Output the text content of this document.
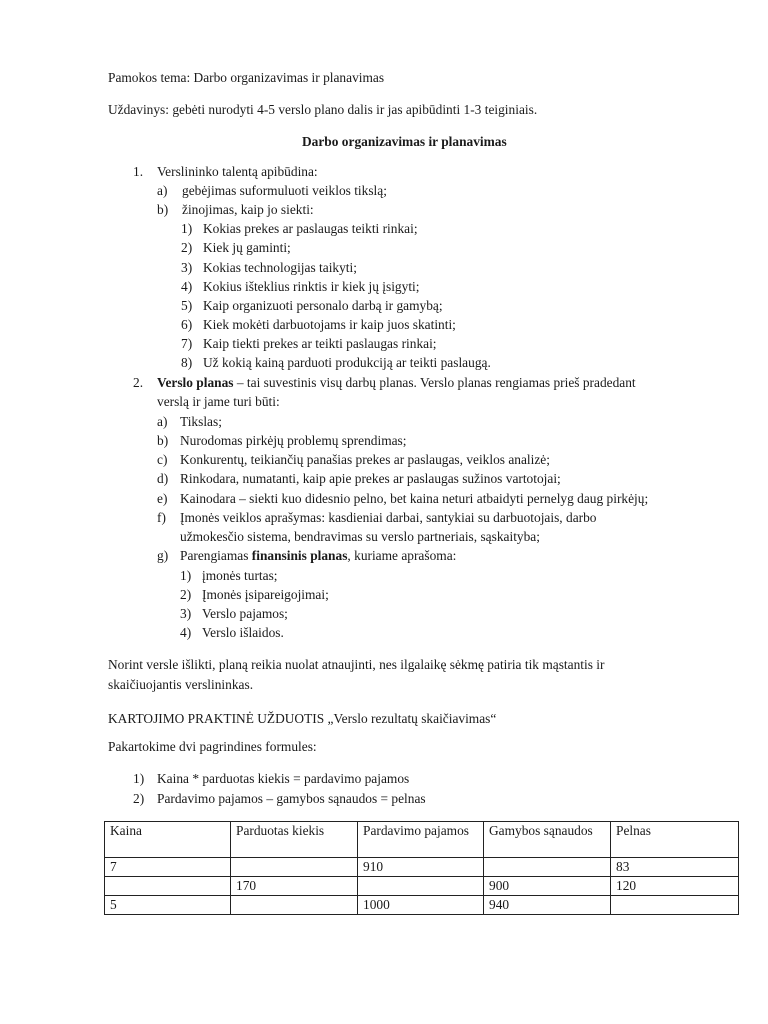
Pamokos tema: Darbo organizavimas ir planavimas
Uždavinys: gebėti nurodyti 4-5 verslo plano dalis ir jas apibūdinti 1-3 teiginiais.
Darbo organizavimas ir planavimas
1. Verslininko talentą apibūdina:
a) gebėjimas suformuluoti veiklos tikslą;
b) žinojimas, kaip jo siekti:
1) Kokias prekes ar paslaugas teikti rinkai;
2) Kiek jų gaminti;
3) Kokias technologijas taikyti;
4) Kokius išteklius rinktis ir kiek jų įsigyti;
5) Kaip organizuoti personalo darbą ir gamybą;
6) Kiek mokėti darbuotojams ir kaip juos skatinti;
7) Kaip tiekti prekes ar teikti paslaugas rinkai;
8) Už kokią kainą parduoti produkciją ar teikti paslaugą.
2. Verslo planas – tai suvestinis visų darbų planas. Verslo planas rengiamas prieš pradedant
verslą ir jame turi būti:
a) Tikslas;
b) Nurodomas pirkėjų problemų sprendimas;
c) Konkurentų, teikiančių panašias prekes ar paslaugas, veiklos analizė;
d) Rinkodara, numatanti, kaip apie prekes ar paslaugas sužinos vartotojai;
e) Kainodara – siekti kuo didesnio pelno, bet kaina neturi atbaidyti pernelyg daug pirkėjų;
f) Įmonės veiklos aprašymas: kasdieniai darbai, santykiai su darbuotojais, darbo
užmokesčio sistema, bendravimas su verslo partneriais, sąskaityba;
g) Parengiamas finansinis planas, kuriame aprašoma:
1) įmonės turtas;
2) Įmonės įsipareigojimai;
3) Verslo pajamos;
4) Verslo išlaidos.
Norint versle išlikti, planą reikia nuolat atnaujinti, nes ilgalaikę sėkmę patiria tik mąstantis ir
skaičiuojantis verslininkas.
KARTOJIMO PRAKTINĖ UŽDUOTIS „Verslo rezultatų skaičiavimas“
Pakartokime dvi pagrindines formules:
1) Kaina * parduotas kiekis = pardavimo pajamos
2) Pardavimo pajamos – gamybos sąnaudos = pelnas
Kaina	Parduotas kiekis	Pardavimo pajamos	Gamybos sąnaudos	Pelnas
7		910		83
	170		900	120
5		1000	940	
